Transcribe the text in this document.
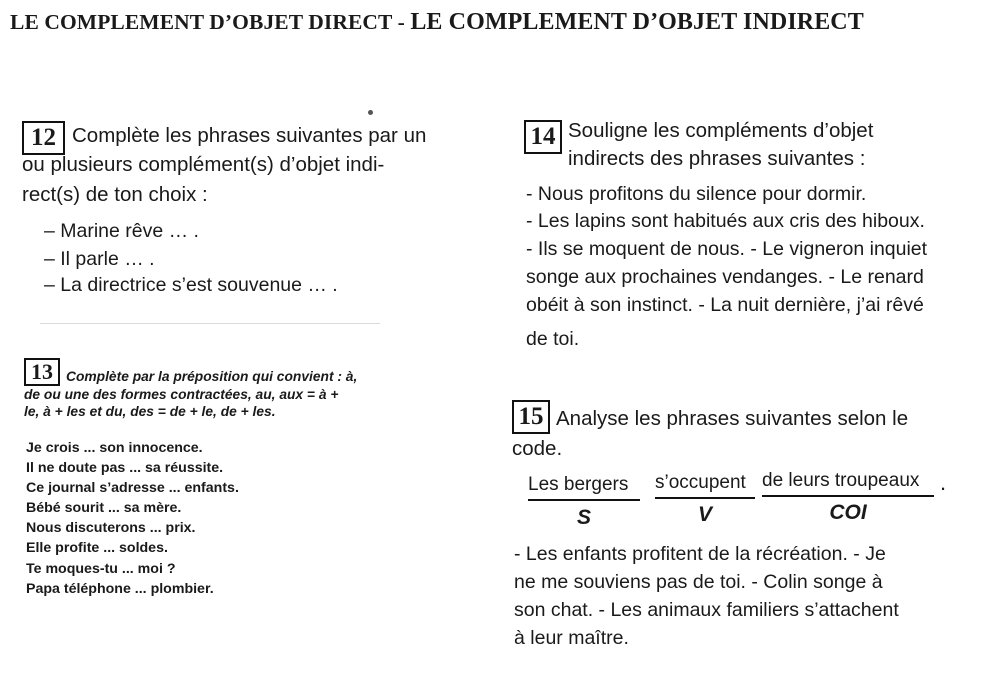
LE COMPLEMENT D’OBJET DIRECT - LE COMPLEMENT D’OBJET INDIRECT
12 Complète les phrases suivantes par un
ou plusieurs complément(s) d’objet indi-
rect(s) de ton choix :
– Marine rêve … .
– Il parle … .
– La directrice s’est souvenue … .
13 Complète par la préposition qui convient : à,
de ou une des formes contractées, au, aux = à +
le, à + les et du, des = de + le, de + les.
Je crois ... son innocence.
Il ne doute pas ... sa réussite.
Ce journal s’adresse ... enfants.
Bébé sourit ... sa mère.
Nous discuterons ... prix.
Elle profite ... soldes.
Te moques-tu ... moi ?
Papa téléphone ... plombier.
14 Souligne les compléments d’objet
indirects des phrases suivantes :
- Nous profitons du silence pour dormir.
- Les lapins sont habitués aux cris des hiboux.
- Ils se moquent de nous. - Le vigneron inquiet
songe aux prochaines vendanges. - Le renard
obéit à son instinct. - La nuit dernière, j’ai rêvé
de toi.
15 Analyse les phrases suivantes selon le
code.
Les bergers
S
s’occupent
V
de leurs troupeaux
COI
.
- Les enfants profitent de la récréation. - Je
ne me souviens pas de toi. - Colin songe à
son chat. - Les animaux familiers s’attachent
à leur maître.
